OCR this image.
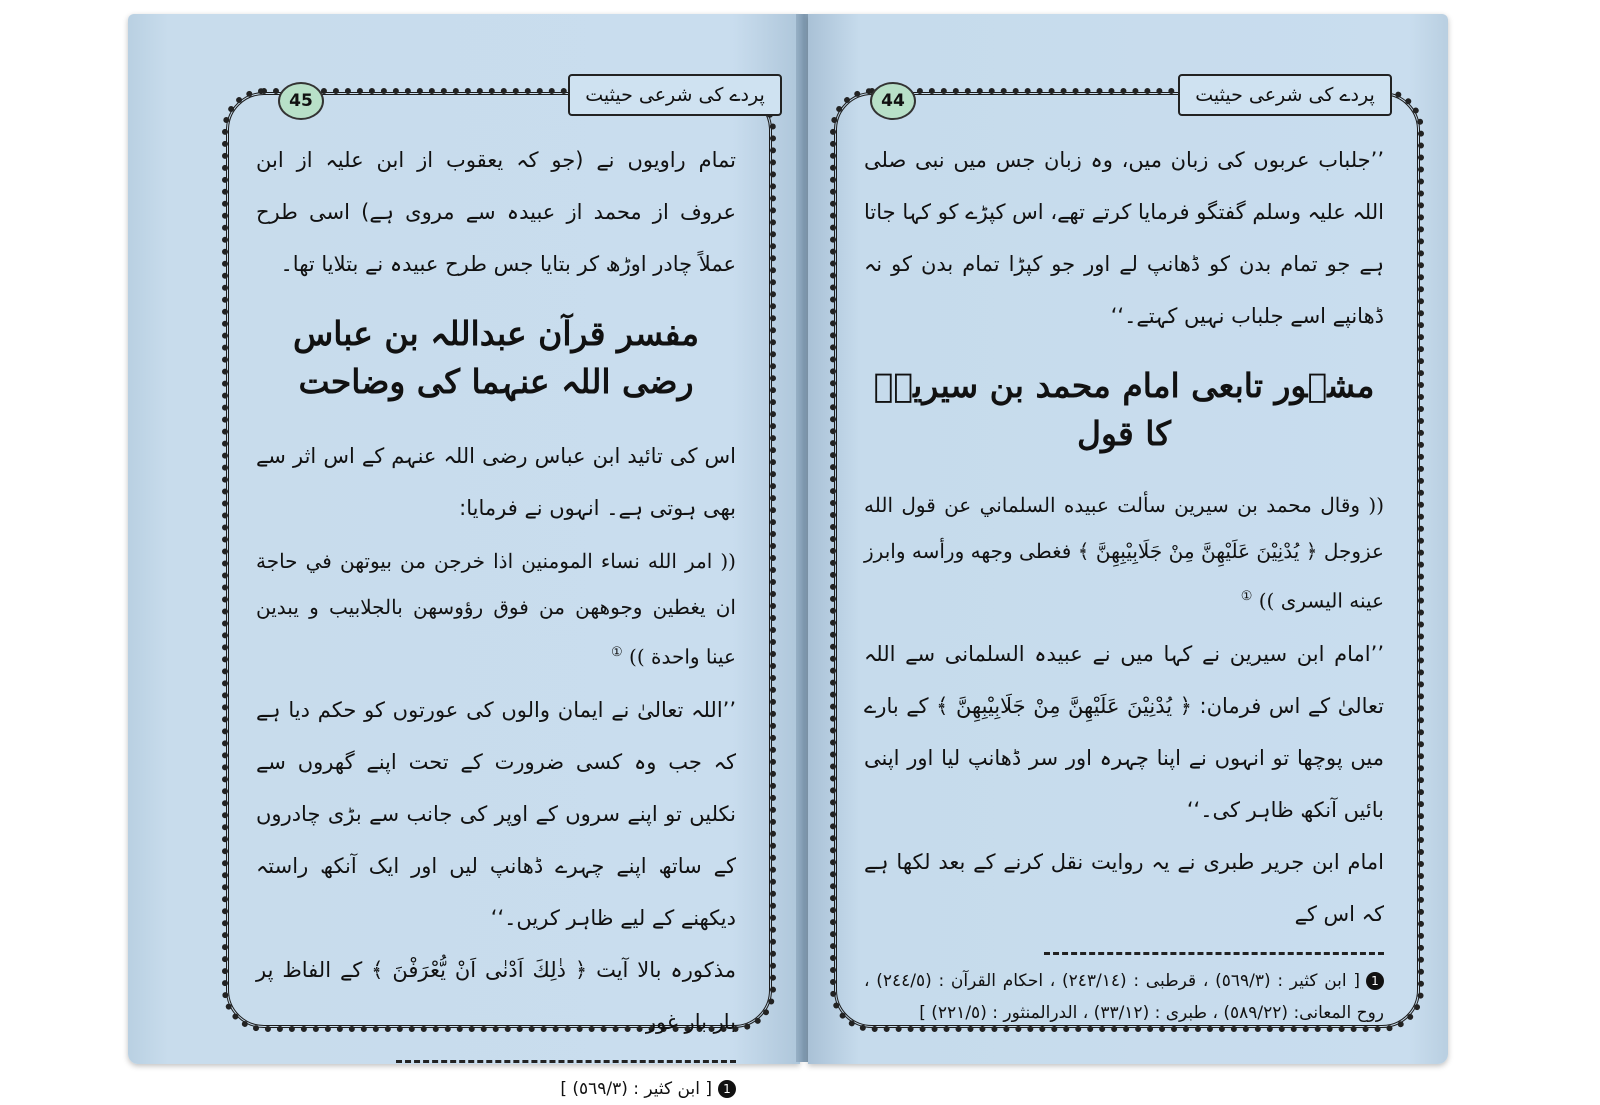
پردے کی شرعی حیثیت
45

تمام راویوں نے (جو کہ یعقوب از ابن علیہ از ابن عروف از محمد از عبیدہ سے مروی ہے) اسی طرح عملاً چادر اوڑھ کر بتایا جس طرح عبیدہ نے بتلایا تھا۔

مفسر قرآن عبداللہ بن عباس رضی اللہ عنہما کی وضاحت

اس کی تائید ابن عباس رضی اللہ عنہم کے اس اثر سے بھی ہوتی ہے۔ انہوں نے فرمایا:

(( امر الله نساء المومنين اذا خرجن من بيوتهن في حاجة ان يغطين وجوههن من فوق رؤوسهن بالجلابيب و يبدين عينا واحدة )) ①

’’اللہ تعالیٰ نے ایمان والوں کی عورتوں کو حکم دیا ہے کہ جب وہ کسی ضرورت کے تحت اپنے گھروں سے نکلیں تو اپنے سروں کے اوپر کی جانب سے بڑی چادروں کے ساتھ اپنے چہرے ڈھانپ لیں اور ایک آنکھ راستہ دیکھنے کے لیے ظاہر کریں۔‘‘

مذکورہ بالا آیت ﴿ ذٰلِكَ اَدْنٰى اَنْ يُّعْرَفْنَ ﴾ کے الفاظ پر بار بار غور

1[ ابن کثیر : (٥٦٩/٣) ]

پردے کی شرعی حیثیت
44

’’جلباب عربوں کی زبان میں، وہ زبان جس میں نبی صلی اللہ علیہ وسلم گفتگو فرمایا کرتے تھے، اس کپڑے کو کہا جاتا ہے جو تمام بدن کو ڈھانپ لے اور جو کپڑا تمام بدن کو نہ ڈھانپے اسے جلباب نہیں کہتے۔‘‘

مشہور تابعی امام محمد بن سیرینؒ کا قول

(( وقال محمد بن سيرين سألت عبيده السلماني عن قول الله عزوجل ﴿ يُدْنِيْنَ عَلَيْهِنَّ مِنْ جَلَابِيْبِهِنَّ ﴾ فغطى وجهه ورأسه وابرز عينه اليسرى )) ①

’’امام ابن سیرین نے کہا میں نے عبیدہ السلمانی سے اللہ تعالیٰ کے اس فرمان: ﴿ يُدْنِيْنَ عَلَيْهِنَّ مِنْ جَلَابِيْبِهِنَّ ﴾ کے بارے میں پوچھا تو انہوں نے اپنا چہرہ اور سر ڈھانپ لیا اور اپنی بائیں آنکھ ظاہر کی۔‘‘

امام ابن جریر طبری نے یہ روایت نقل کرنے کے بعد لکھا ہے کہ اس کے

1[ ابن کثیر : (٥٦٩/٣) ، قرطبی : (٢٤٣/١٤) ، احکام القرآن : (٢٤٤/٥) ، روح المعانی: (٥٨٩/٢٢) ، طبری : (٣٣/١٢) ، الدرالمنثور : (٢٢١/٥) ]
